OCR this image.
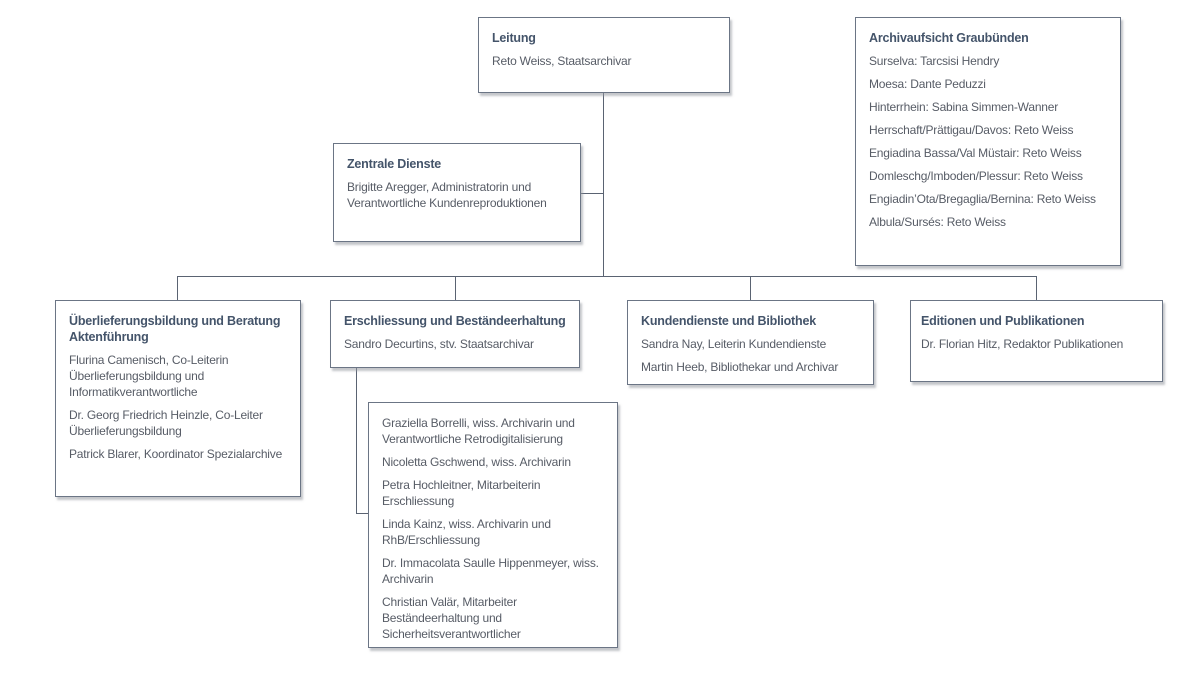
Leitung

Reto Weiss, Staatsarchivar

Archivaufsicht Graubünden

Surselva: Tarcsisi Hendry

Moesa: Dante Peduzzi

Hinterrhein: Sabina Simmen-Wanner

Herrschaft/Prättigau/Davos: Reto Weiss

Engiadina Bassa/Val Müstair: Reto Weiss

Domleschg/Imboden/Plessur: Reto Weiss

Engiadin’Ota/Bregaglia/Bernina: Reto Weiss

Albula/Sursés: Reto Weiss

Zentrale Dienste

Brigitte Aregger, Administratorin und Verantwortliche Kundenreproduktionen

Überlieferungsbildung und Beratung Aktenführung

Flurina Camenisch, Co-Leiterin Überlieferungsbildung und Informatikverantwortliche

Dr. Georg Friedrich Heinzle, Co-Leiter Überlieferungsbildung

Patrick Blarer, Koordinator Spezialarchive

Erschliessung und Beständeerhaltung

Sandro Decurtins, stv. Staatsarchivar

Kundendienste und Bibliothek

Sandra Nay, Leiterin Kundendienste

Martin Heeb, Bibliothekar und Archivar

Editionen und Publikationen

Dr. Florian Hitz, Redaktor Publikationen

Graziella Borrelli, wiss. Archivarin und Verantwortliche Retrodigitalisierung

Nicoletta Gschwend, wiss. Archivarin

Petra Hochleitner, Mitarbeiterin Erschliessung

Linda Kainz, wiss. Archivarin und RhB/Erschliessung

Dr. Immacolata Saulle Hippenmeyer, wiss. Archivarin

Christian Valär, Mitarbeiter Beständeerhaltung und Sicherheitsverantwortlicher
